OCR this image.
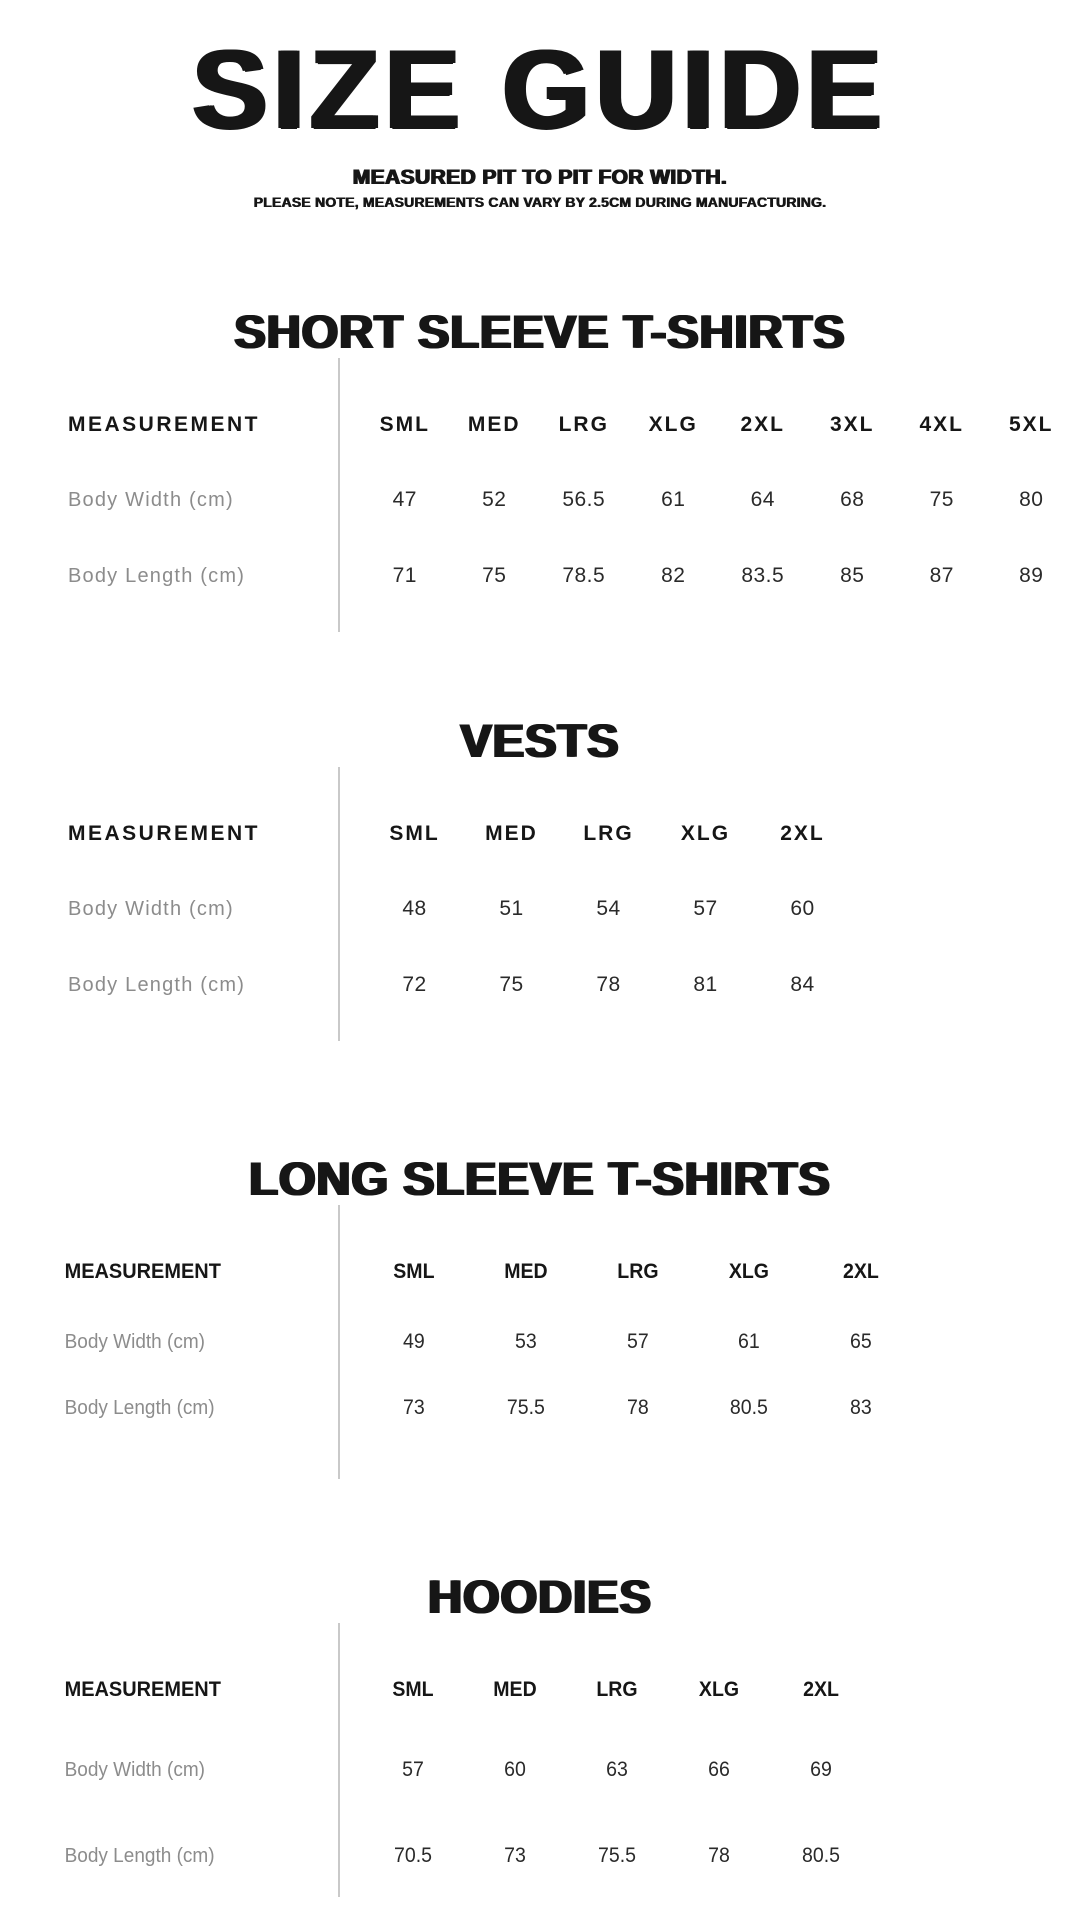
SIZE GUIDE
MEASURED PIT TO PIT FOR WIDTH.
PLEASE NOTE, MEASUREMENTS CAN VARY BY 2.5CM DURING MANUFACTURING.
SHORT SLEEVE T-SHIRTS
MEASUREMENT	SML	MED	LRG	XLG	2XL	3XL	4XL	5XL
Body Width (cm)	47	52	56.5	61	64	68	75	80
Body Length (cm)	71	75	78.5	82	83.5	85	87	89
VESTS
MEASUREMENT	SML	MED	LRG	XLG	2XL
Body Width (cm)	48	51	54	57	60
Body Length (cm)	72	75	78	81	84
LONG SLEEVE T-SHIRTS
MEASUREMENT	SML	MED	LRG	XLG	2XL
Body Width (cm)	49	53	57	61	65
Body Length (cm)	73	75.5	78	80.5	83
HOODIES
MEASUREMENT	SML	MED	LRG	XLG	2XL
Body Width (cm)	57	60	63	66	69
Body Length (cm)	70.5	73	75.5	78	80.5
